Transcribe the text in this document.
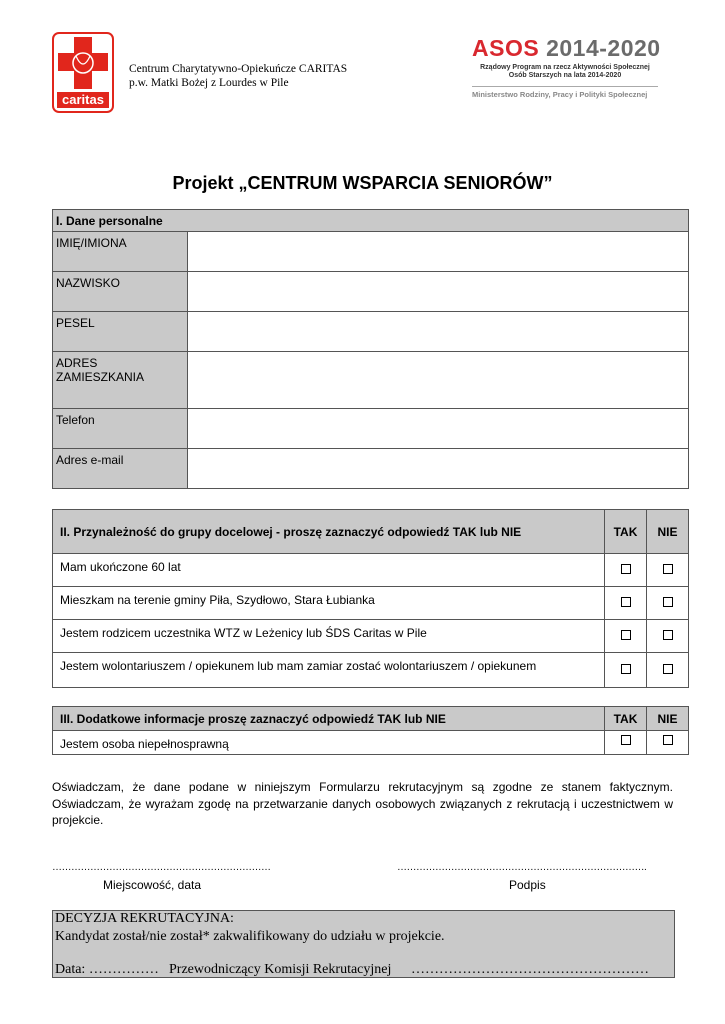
caritas
Centrum Charytatywno-Opiekuńcze CARITAS
p.w. Matki Bożej z Lourdes w Pile
ASOS 2014-2020
Rządowy Program na rzecz Aktywności Społecznej
Osób Starszych na lata 2014-2020
Ministerstwo Rodziny, Pracy i Polityki Społecznej
Projekt „CENTRUM WSPARCIA SENIORÓW”
I. Dane personalne	
IMIĘ/IMIONA	
NAZWISKO	
PESEL	
ADRES ZAMIESZKANIA	
Telefon	
Adres e-mail	
II. Przynależność do grupy docelowej - proszę zaznaczyć odpowiedź TAK lub NIE	TAK	NIE
Mam ukończone 60 lat		
Mieszkam na terenie gminy Piła, Szydłowo, Stara Łubianka		
Jestem rodzicem uczestnika WTZ w Leżenicy lub ŚDS Caritas w Pile		
Jestem wolontariuszem / opiekunem lub mam zamiar zostać wolontariuszem / opiekunem		
III. Dodatkowe informacje proszę zaznaczyć odpowiedź TAK lub NIE	TAK	NIE
Jestem osoba niepełnosprawną		
Oświadczam, że dane podane w niniejszym Formularzu rekrutacyjnym są zgodne ze stanem faktycznym. Oświadczam, że wyrażam zgodę na przetwarzanie danych osobowych związanych z rekrutacją i uczestnictwem w projekcie.
……………………………………………………………
Miejscowość, data
…………………………………………………………………….
Podpis
DECYZJA REKRUTACYJNA:
Kandydat został/nie został* zakwalifikowany do udziału w projekcie.
Data: …………… Przewodniczący Komisji Rekrutacyjnej ……………………………………………
